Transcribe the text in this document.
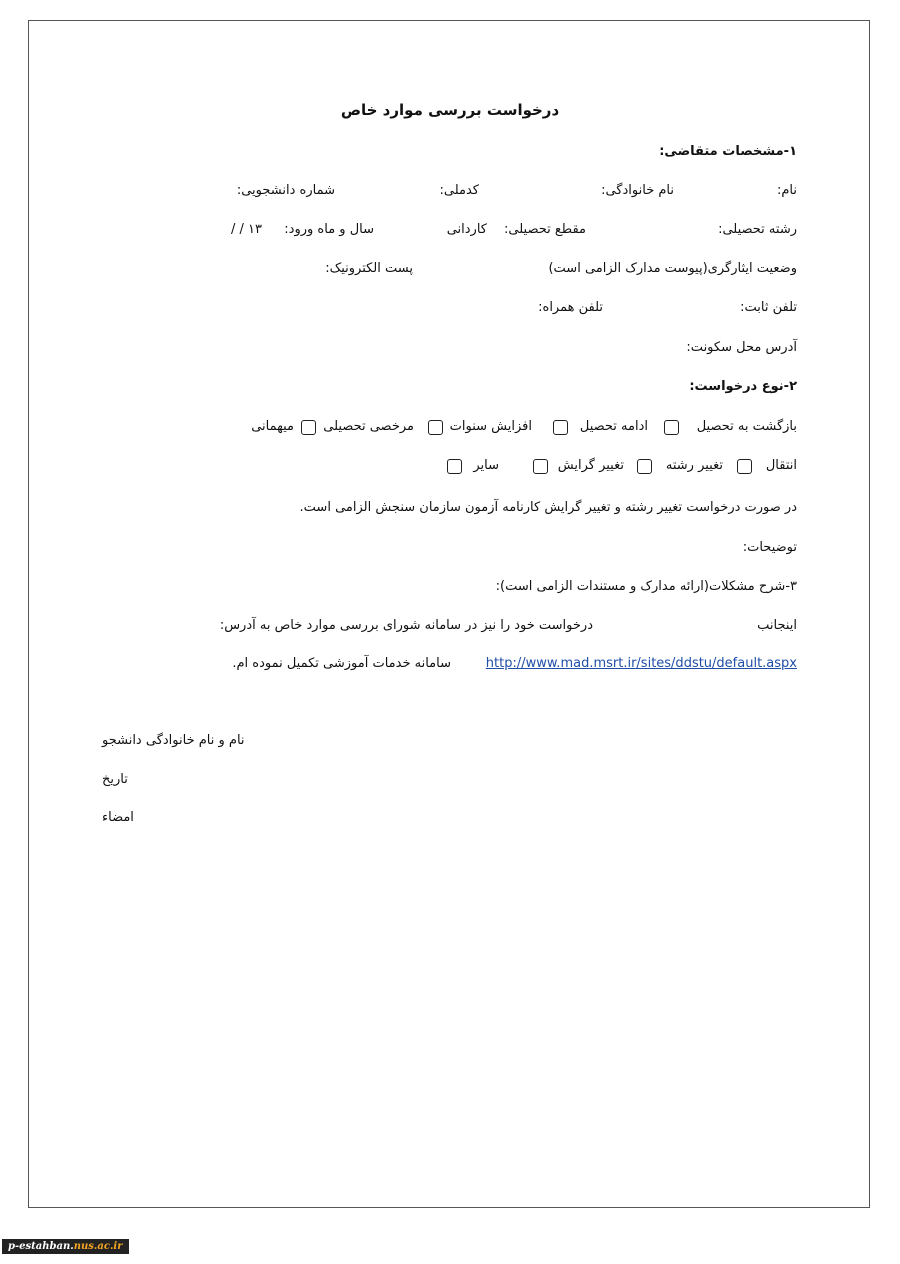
درخواست بررسی موارد خاص
۱-مشخصات متقاضی:
نام:
نام خانوادگی:
کدملی:
شماره دانشجویی:
رشته تحصیلی:
مقطع تحصیلی:
کاردانی
سال و ماه ورود:
/ / ۱۳
وضعیت ایثارگری(پیوست مدارک الزامی است)
پست الکترونیک:
تلفن ثابت:
تلفن همراه:
آدرس محل سکونت:
۲-نوع درخواست:
بازگشت به تحصیل
ادامه تحصیل
افزایش سنوات
مرخصی تحصیلی
میهمانی
انتقال
تغییر رشته
تغییر گرایش
سایر
در صورت درخواست تغییر رشته و تغییر گرایش کارنامه آزمون سازمان سنجش الزامی است.
توضیحات:
۳-شرح مشکلات(ارائه مدارک و مستندات الزامی است):
اینجانب
درخواست خود را نیز در سامانه شورای بررسی موارد خاص به آدرس:
http://www.mad.msrt.ir/sites/ddstu/default.aspx
سامانه خدمات آموزشی تکمیل نموده ام.
نام و نام خانوادگی دانشجو
تاریخ
امضاء
p-estahban.nus.ac.ir
